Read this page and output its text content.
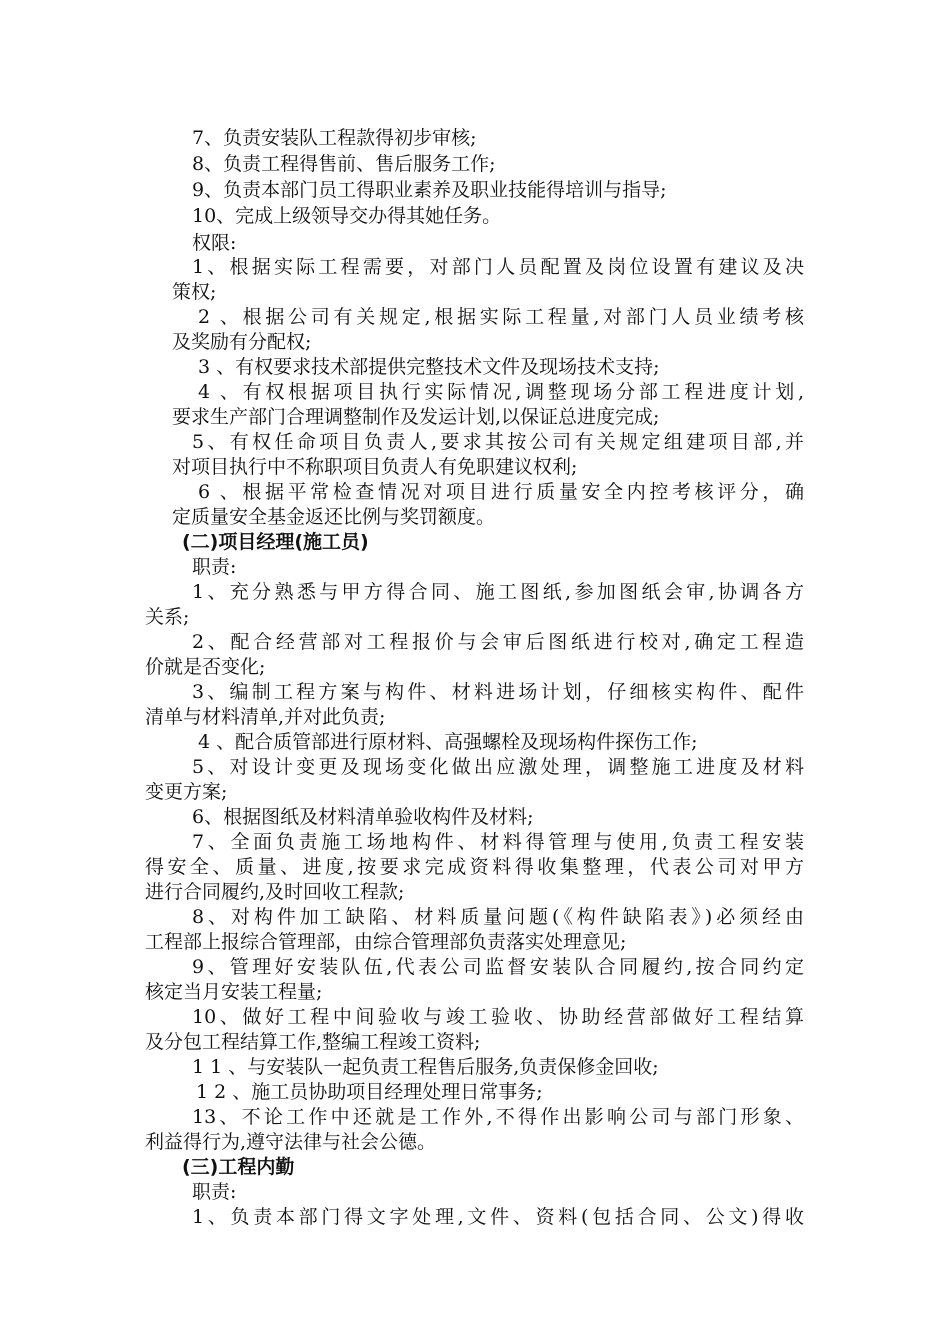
7、负责安装队工程款得初步审核;
8、负责工程得售前、售后服务工作;
9、负责本部门员工得职业素养及职业技能得培训与指导;
10、完成上级领导交办得其她任务。
权限:
1、根据实际工程需要，对部门人员配置及岗位设置有建议及决
策权;
2 、根据公司有关规定,根据实际工程量,对部门人员业绩考核
及奖励有分配权;
3 、有权要求技术部提供完整技术文件及现场技术支持;
4 、有权根据项目执行实际情况,调整现场分部工程进度计划,
要求生产部门合理调整制作及发运计划,以保证总进度完成;
5、有权任命项目负责人,要求其按公司有关规定组建项目部,并
对项目执行中不称职项目负责人有免职建议权利;
6 、根据平常检查情况对项目进行质量安全内控考核评分，确
定质量安全基金返还比例与奖罚额度。
(二)项目经理(施工员)
职责:
1、充分熟悉与甲方得合同、施工图纸,参加图纸会审,协调各方
关系;
2、配合经营部对工程报价与会审后图纸进行校对,确定工程造
价就是否变化;
3、编制工程方案与构件、材料进场计划，仔细核实构件、配件
清单与材料清单,并对此负责;
4 、配合质管部进行原材料、高强螺栓及现场构件探伤工作;
5、对设计变更及现场变化做出应激处理，调整施工进度及材料
变更方案;
6、根据图纸及材料清单验收构件及材料;
7、全面负责施工场地构件、材料得管理与使用,负责工程安装
得安全、质量、进度,按要求完成资料得收集整理，代表公司对甲方
进行合同履约,及时回收工程款;
8、对构件加工缺陷、材料质量问题(《构件缺陷表》)必须经由
工程部上报综合管理部，由综合管理部负责落实处理意见;
9、管理好安装队伍,代表公司监督安装队合同履约,按合同约定
核定当月安装工程量;
10、做好工程中间验收与竣工验收、协助经营部做好工程结算
及分包工程结算工作,整编工程竣工资料;
1 1 、与安装队一起负责工程售后服务,负责保修金回收;
1 2 、施工员协助项目经理处理日常事务;
13、不论工作中还就是工作外,不得作出影响公司与部门形象、
利益得行为,遵守法律与社会公德。
(三)工程内勤
职责:
1、负责本部门得文字处理,文件、资料(包括合同、公文)得收
